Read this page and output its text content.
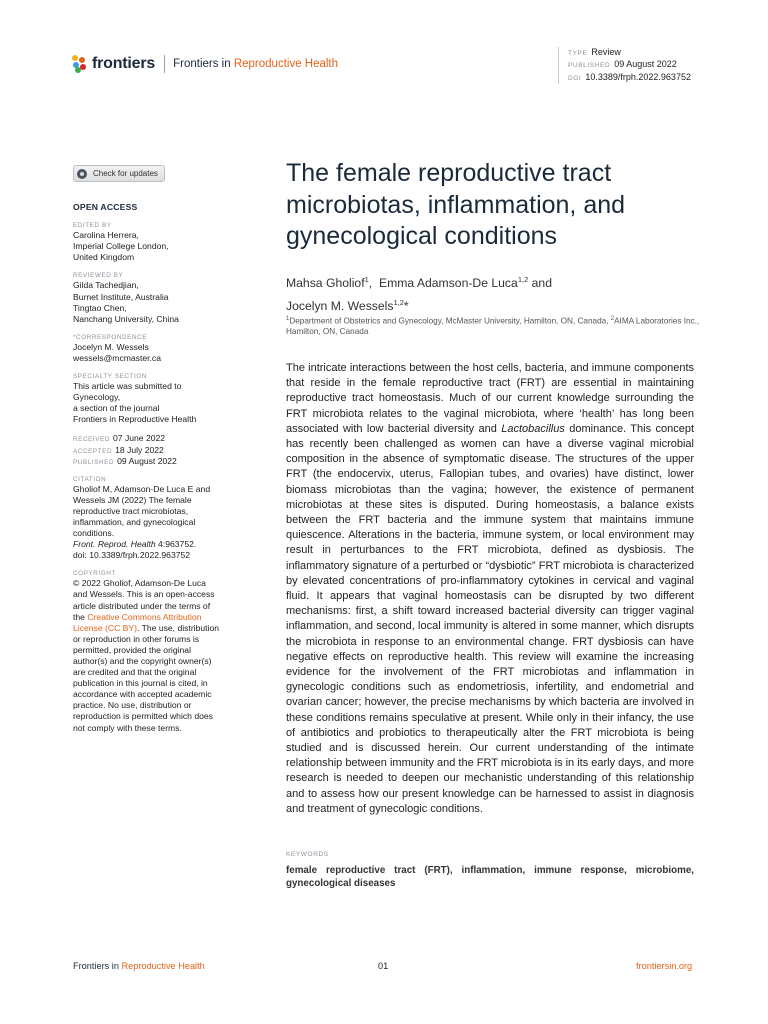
frontiers Frontiers in Reproductive Health
TYPE Review
PUBLISHED 09 August 2022
DOI 10.3389/frph.2022.963752
Check for updates
OPEN ACCESS
EDITED BY
Carolina Herrera,
Imperial College London,
United Kingdom
REVIEWED BY
Gilda Tachedjian,
Burnet Institute, Australia
Tingtao Chen,
Nanchang University, China
*CORRESPONDENCE
Jocelyn M. Wessels
wessels@mcmaster.ca
SPECIALTY SECTION
This article was submitted to
Gynecology,
a section of the journal
Frontiers in Reproductive Health
RECEIVED 07 June 2022
ACCEPTED 18 July 2022
PUBLISHED 09 August 2022
CITATION
Gholiof M, Adamson-De Luca E and
Wessels JM (2022) The female
reproductive tract microbiotas,
inflammation, and gynecological
conditions.
Front. Reprod. Health 4:963752.
doi: 10.3389/frph.2022.963752
COPYRIGHT
© 2022 Gholiof, Adamson-De Luca
and Wessels. This is an open-access
article distributed under the terms of
the Creative Commons Attribution
License (CC BY). The use, distribution
or reproduction in other forums is
permitted, provided the original
author(s) and the copyright owner(s)
are credited and that the original
publication in this journal is cited, in
accordance with accepted academic
practice. No use, distribution or
reproduction is permitted which does
not comply with these terms.
The female reproductive tract microbiotas, inflammation, and gynecological conditions
Mahsa Gholiof$^1$,  Emma Adamson-De Luca$^{1,2}$ and
Jocelyn M. Wessels$^{1,2}$*
$^1$Department of Obstetrics and Gynecology, McMaster University, Hamilton, ON, Canada, $^2$AIMA Laboratories Inc., Hamilton, ON, Canada

The intricate interactions between the host cells, bacteria, and immune components that reside in the female reproductive tract (FRT) are essential in maintaining reproductive tract homeostasis. Much of our current knowledge surrounding the FRT microbiota relates to the vaginal microbiota, where ‘health’ has long been associated with low bacterial diversity and Lactobacillus dominance. This concept has recently been challenged as women can have a diverse vaginal microbial composition in the absence of symptomatic disease. The structures of the upper FRT (the endocervix, uterus, Fallopian tubes, and ovaries) have distinct, lower biomass microbiotas than the vagina; however, the existence of permanent microbiotas at these sites is disputed. During homeostasis, a balance exists between the FRT bacteria and the immune system that maintains immune quiescence. Alterations in the bacteria, immune system, or local environment may result in perturbances to the FRT microbiota, defined as dysbiosis. The inflammatory signature of a perturbed or “dysbiotic” FRT microbiota is characterized by elevated concentrations of pro-inflammatory cytokines in cervical and vaginal fluid. It appears that vaginal homeostasis can be disrupted by two different mechanisms: first, a shift toward increased bacterial diversity can trigger vaginal inflammation, and second, local immunity is altered in some manner, which disrupts the microbiota in response to an environmental change. FRT dysbiosis can have negative effects on reproductive health. This review will examine the increasing evidence for the involvement of the FRT microbiotas and inflammation in gynecologic conditions such as endometriosis, infertility, and endometrial and ovarian cancer; however, the precise mechanisms by which bacteria are involved in these conditions remains speculative at present. While only in their infancy, the use of antibiotics and probiotics to therapeutically alter the FRT microbiota is being studied and is discussed herein. Our current understanding of the intimate relationship between immunity and the FRT microbiota is in its early days, and more research is needed to deepen our mechanistic understanding of this relationship and to assess how our present knowledge can be harnessed to assist in diagnosis and treatment of gynecologic conditions.

KEYWORDS
female reproductive tract (FRT), inflammation, immune response, microbiome, gynecological diseases
Frontiers in Reproductive Health	01	frontiersin.org
